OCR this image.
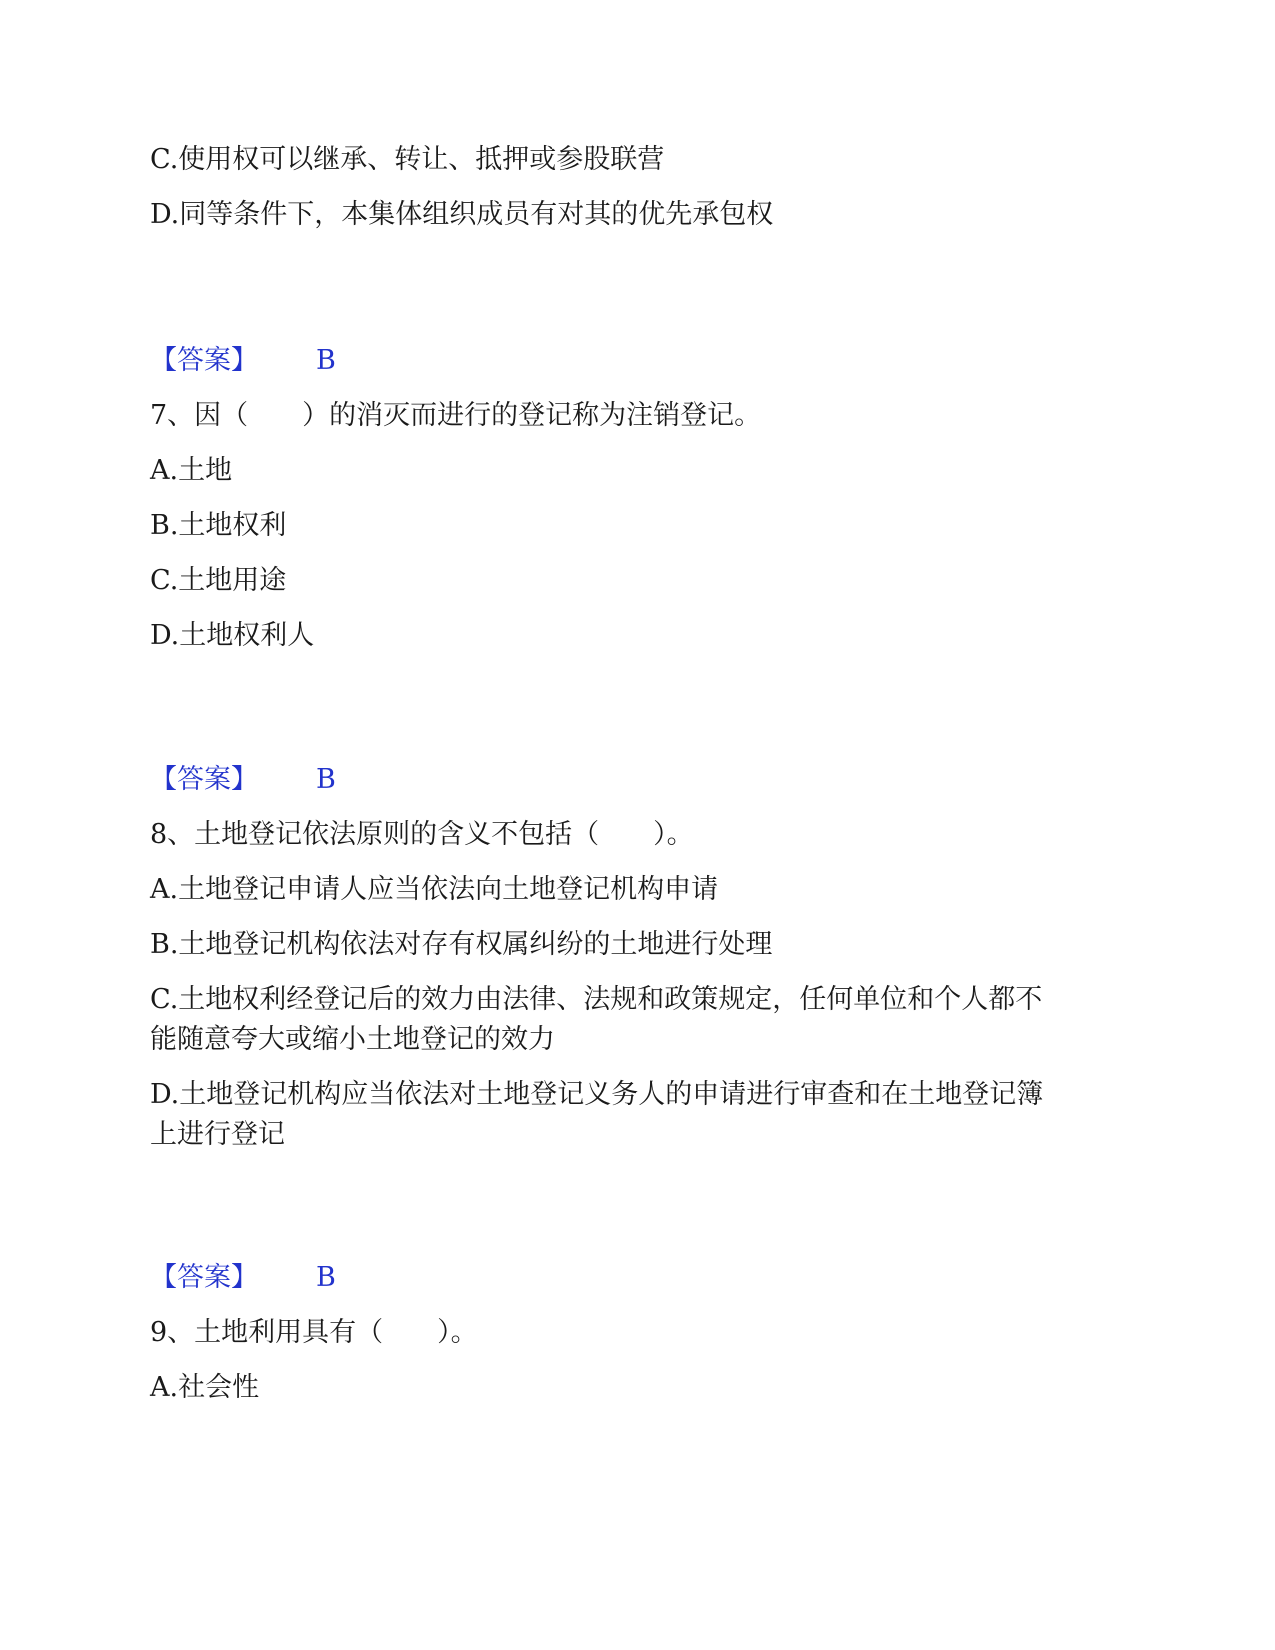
C.使用权可以继承、转让、抵押或参股联营
D.同等条件下，本集体组织成员有对其的优先承包权
【答案】 B
7、因（　　）的消灭而进行的登记称为注销登记。
A.土地
B.土地权利
C.土地用途
D.土地权利人
【答案】 B
8、土地登记依法原则的含义不包括（　　）。
A.土地登记申请人应当依法向土地登记机构申请
B.土地登记机构依法对存有权属纠纷的土地进行处理
C.土地权利经登记后的效力由法律、法规和政策规定，任何单位和个人都不
能随意夸大或缩小土地登记的效力
D.土地登记机构应当依法对土地登记义务人的申请进行审查和在土地登记簿
上进行登记
【答案】 B
9、土地利用具有（　　）。
A.社会性
